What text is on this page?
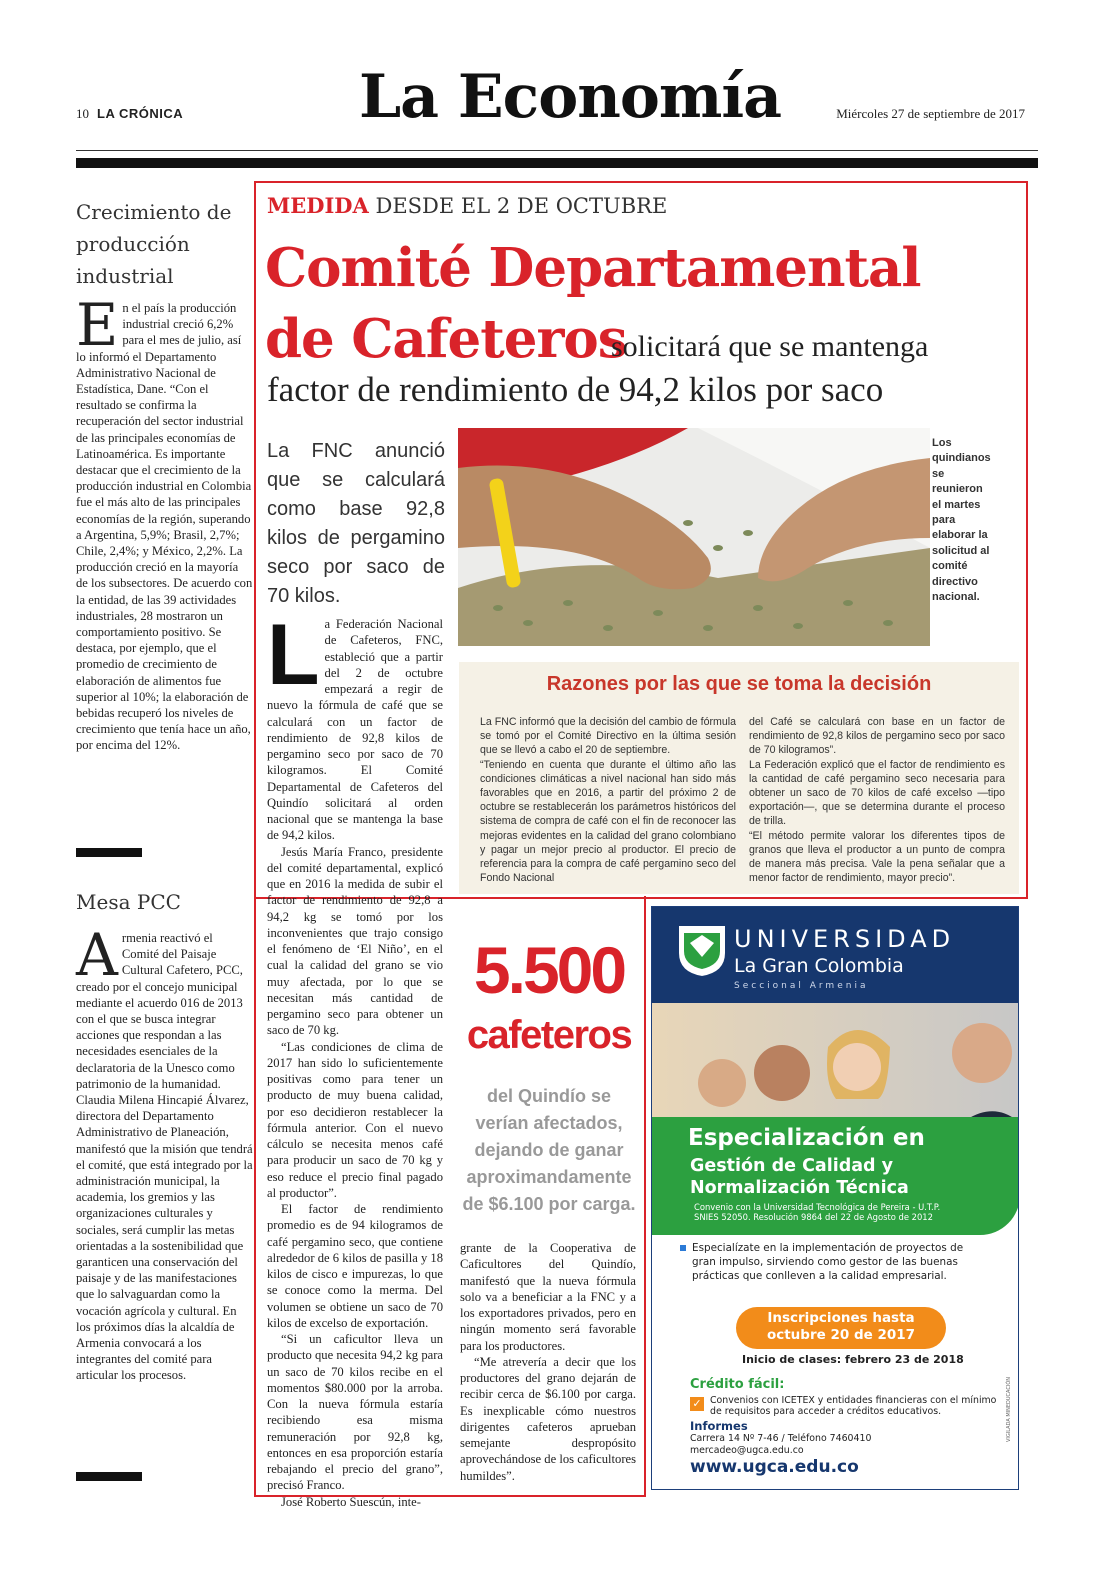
10 LA CRÓNICA	La Economía	Miércoles 27 de septiembre de 2017
Crecimiento de producción industrial
En el país la producción industrial creció 6,2% para el mes de julio, así lo informó el Departamento Administrativo Nacional de Estadística, Dane. “Con el resultado se confirma la recuperación del sector industrial de las principales economías de Latinoamérica. Es importante destacar que el crecimiento de la producción industrial en Colombia fue el más alto de las principales economías de la región, superando a Argentina, 5,9%; Brasil, 2,7%; Chile, 2,4%; y México, 2,2%. La producción creció en la mayoría de los subsectores. De acuerdo con la entidad, de las 39 actividades industriales, 28 mostraron un comportamiento positivo. Se destaca, por ejemplo, que el promedio de crecimiento de elaboración de alimentos fue superior al 10%; la elaboración de bebidas recuperó los niveles de crecimiento que tenía hace un año, por encima del 12%.
Mesa PCC
Armenia reactivó el Comité del Paisaje Cultural Cafetero, PCC, creado por el concejo municipal mediante el acuerdo 016 de 2013 con el que se busca integrar acciones que respondan a las necesidades esenciales de la declaratoria de la Unesco como patrimonio de la humanidad. Claudia Milena Hincapié Álvarez, directora del Departamento Administrativo de Planeación, manifestó que la misión que tendrá el comité, que está integrado por la administración municipal, la academia, los gremios y las organizaciones culturales y sociales, será cumplir las metas orientadas a la sostenibilidad que garanticen una conservación del paisaje y de las manifestaciones que lo salvaguardan como la vocación agrícola y cultural. En los próximos días la alcaldía de Armenia convocará a los integrantes del comité para articular los procesos.
MEDIDA DESDE EL 2 DE OCTUBRE
Comité Departamental
de Cafeteros
solicitará que se mantenga
factor de rendimiento de 94,2 kilos por saco
La FNC anunció que se calculará como base 92,8 kilos de pergamino seco por saco de 70 kilos.
Los quindianos se reunieron el martes para elaborar la solicitud al comité directivo nacional.
L a Federación Nacional de Cafeteros, FNC, estableció que a partir del 2 de octubre empezará a regir de nuevo la fórmula de café que se calculará con un factor de rendimiento de 92,8 kilos de pergamino seco por saco de 70 kilogramos. El Comité Departamental de Cafeteros del Quindío solicitará al orden nacional que se mantenga la base de 94,2 kilos.

Jesús María Franco, presidente del comité departamental, explicó que en 2016 la medida de subir el factor de rendimiento de 92,8 a 94,2 kg se tomó por los inconvenientes que trajo consigo el fenómeno de ‘El Niño’, en el cual la calidad del grano se vio muy afectada, por lo que se necesitan más cantidad de pergamino seco para obtener un saco de 70 kg.

“Las condiciones de clima de 2017 han sido lo suficientemente positivas como para tener un producto de muy buena calidad, por eso decidieron restablecer la fórmula anterior. Con el nuevo cálculo se necesita menos café para producir un saco de 70 kg y eso reduce el precio final pagado al productor”.

El factor de rendimiento promedio es de 94 kilogramos de café pergamino seco, que contiene alrededor de 6 kilos de pasilla y 18 kilos de cisco e impurezas, lo que se conoce como la merma. Del volumen se obtiene un saco de 70 kilos de excelso de exportación.

“Si un caficultor lleva un producto que necesita 94,2 kg para un saco de 70 kilos recibe en el momentos $80.000 por la arroba. Con la nueva fórmula estaría recibiendo esa misma remuneración por 92,8 kg, entonces en esa proporción estaría rebajando el precio del grano”, precisó Franco.

José Roberto Suescún, inte-

Razones por las que se toma la decisión

La FNC informó que la decisión del cambio de fórmula se tomó por el Comité Directivo en la última sesión que se llevó a cabo el 20 de septiembre.

“Teniendo en cuenta que durante el último año las condiciones climáticas a nivel nacional han sido más favorables que en 2016, a partir del próximo 2 de octubre se restablecerán los parámetros históricos del sistema de compra de café con el fin de reconocer las mejoras evidentes en la calidad del grano colombiano y pagar un mejor precio al productor. El precio de referencia para la compra de café pergamino seco del Fondo Nacional

del Café se calculará con base en un factor de rendimiento de 92,8 kilos de pergamino seco por saco de 70 kilogramos”.

La Federación explicó que el factor de rendimiento es la cantidad de café pergamino seco necesaria para obtener un saco de 70 kilos de café excelso —tipo exportación—, que se determina durante el proceso de trilla.

“El método permite valorar los diferentes tipos de granos que lleva el productor a un punto de compra de manera más precisa. Vale la pena señalar que a menor factor de rendimiento, mayor precio”.

5.500
cafeteros
del Quindío se verían afectados, dejando de ganar aproximandamente de $6.100 por carga.

grante de la Cooperativa de Caficultores del Quindío, manifestó que la nueva fórmula solo va a beneficiar a la FNC y a los exportadores privados, pero en ningún momento será favorable para los productores.

“Me atrevería a decir que los productores del grano dejarán de recibir cerca de $6.100 por carga. Es inexplicable cómo nuestros dirigentes cafeteros aprueban semejante despropósito aprovechándose de los caficultores humildes”.

UNIVERSIDAD
La Gran Colombia
Seccional Armenia
Especialización en
Gestión de Calidad y
Normalización Técnica
Convenio con la Universidad Tecnológica de Pereira - U.T.P.
SNIES 52050. Resolución 9864 del 22 de Agosto de 2012
Especialízate en la implementación de proyectos de gran impulso, sirviendo como gestor de las buenas prácticas que conlleven a la calidad empresarial.
Inscripciones hasta
octubre 20 de 2017
Inicio de clases: febrero 23 de 2018
Crédito fácil:
✓ Convenios con ICETEX y entidades financieras con el mínimo de requisitos para acceder a créditos educativos.
Informes
Carrera 14 Nº 7-46 / Teléfono 7460410
mercadeo@ugca.edu.co
www.ugca.edu.co
VIGILADA MINEDUCACIÓN
